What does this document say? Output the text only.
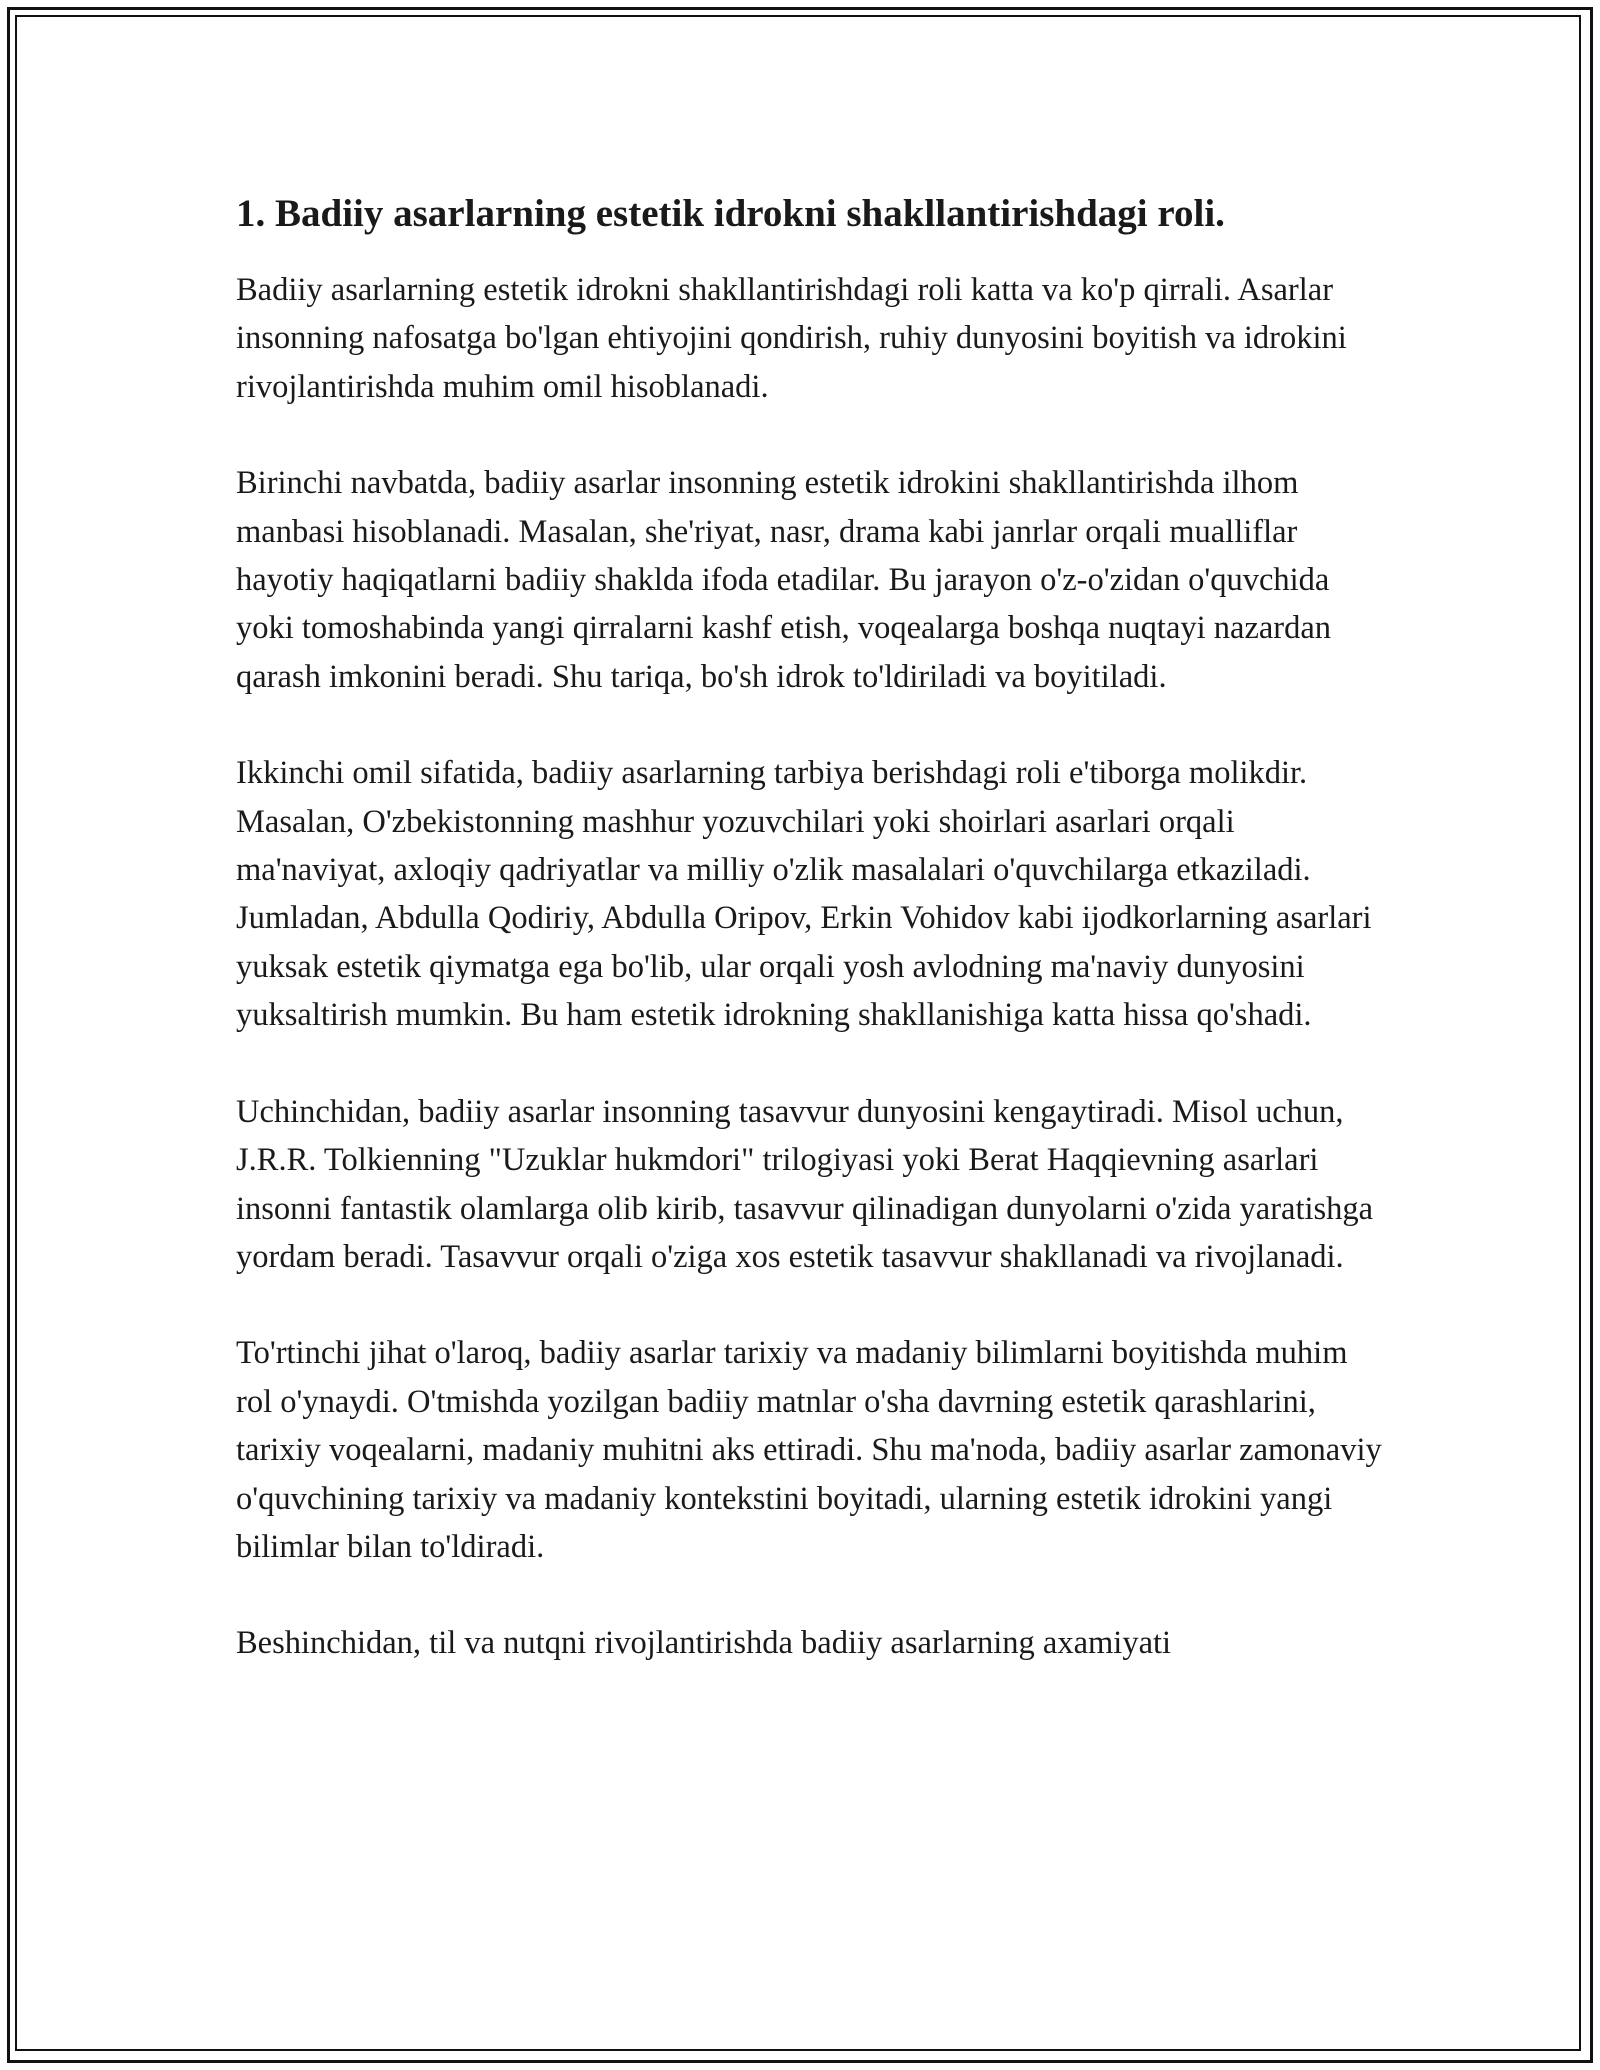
1. Badiiy asarlarning estetik idrokni shakllantirishdagi roli.

Badiiy asarlarning estetik idrokni shakllantirishdagi roli katta va ko'p qirrali. Asarlar insonning nafosatga bo'lgan ehtiyojini qondirish, ruhiy dunyosini boyitish va idrokini rivojlantirishda muhim omil hisoblanadi.

Birinchi navbatda, badiiy asarlar insonning estetik idrokini shakllantirishda ilhom manbasi hisoblanadi. Masalan, she'riyat, nasr, drama kabi janrlar orqali mualliflar hayotiy haqiqatlarni badiiy shaklda ifoda etadilar. Bu jarayon o'z-o'zidan o'quvchida yoki tomoshabinda yangi qirralarni kashf etish, voqealarga boshqa nuqtayi nazardan qarash imkonini beradi. Shu tariqa, bo'sh idrok to'ldiriladi va boyitiladi.

Ikkinchi omil sifatida, badiiy asarlarning tarbiya berishdagi roli e'tiborga molikdir. Masalan, O'zbekistonning mashhur yozuvchilari yoki shoirlari asarlari orqali ma'naviyat, axloqiy qadriyatlar va milliy o'zlik masalalari o'quvchilarga etkaziladi. Jumladan, Abdulla Qodiriy, Abdulla Oripov, Erkin Vohidov kabi ijodkorlarning asarlari yuksak estetik qiymatga ega bo'lib, ular orqali yosh avlodning ma'naviy dunyosini yuksaltirish mumkin. Bu ham estetik idrokning shakllanishiga katta hissa qo'shadi.

Uchinchidan, badiiy asarlar insonning tasavvur dunyosini kengaytiradi. Misol uchun, J.R.R. Tolkienning "Uzuklar hukmdori" trilogiyasi yoki Berat Haqqievning asarlari insonni fantastik olamlarga olib kirib, tasavvur qilinadigan dunyolarni o'zida yaratishga yordam beradi. Tasavvur orqali o'ziga xos estetik tasavvur shakllanadi va rivojlanadi.

To'rtinchi jihat o'laroq, badiiy asarlar tarixiy va madaniy bilimlarni boyitishda muhim rol o'ynaydi. O'tmishda yozilgan badiiy matnlar o'sha davrning estetik qarashlarini, tarixiy voqealarni, madaniy muhitni aks ettiradi. Shu ma'noda, badiiy asarlar zamonaviy o'quvchining tarixiy va madaniy kontekstini boyitadi, ularning estetik idrokini yangi bilimlar bilan to'ldiradi.

Beshinchidan, til va nutqni rivojlantirishda badiiy asarlarning axamiyati
